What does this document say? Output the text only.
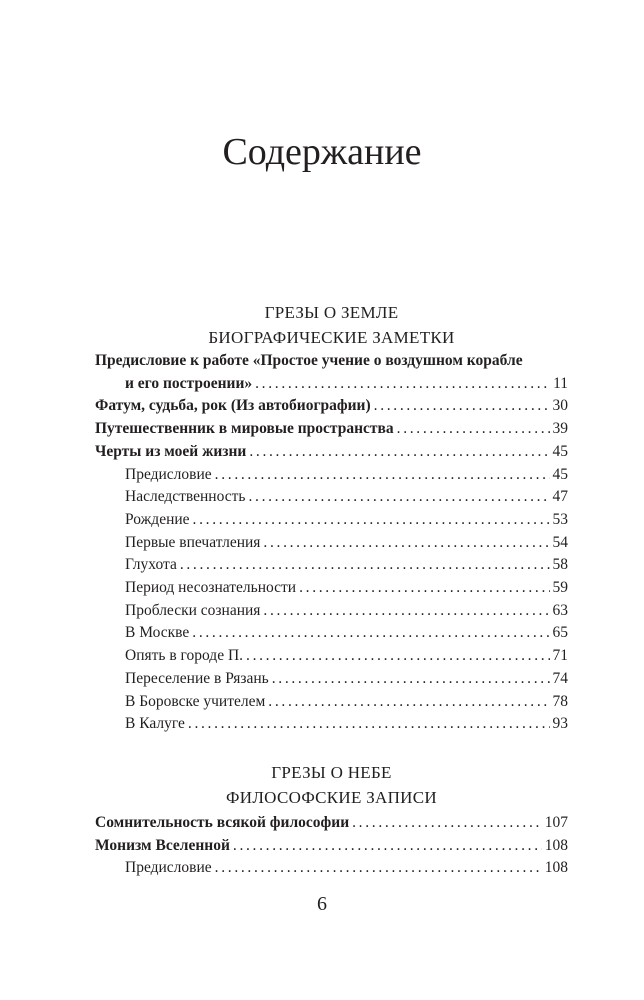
Содержание
ГРЕЗЫ О ЗЕМЛЕ
БИОГРАФИЧЕСКИЕ ЗАМЕТКИ
Предисловие к работе «Простое учение о воздушном корабле
и его построении» . . .	11
Фатум, судьба, рок (Из автобиографии) . . .	30
Путешественник в мировые пространства . . .	39
Черты из моей жизни . . .	45
Предисловие . . .	45
Наследственность . . .	47
Рождение . . .	53
Первые впечатления . . .	54
Глухота . . .	58
Период несознательности . . .	59
Проблески сознания . . .	63
В Москве . . .	65
Опять в городе П. . . .	71
Переселение в Рязань . . .	74
В Боровске учителем . . .	78
В Калуге . . .	93
ГРЕЗЫ О НЕБЕ
ФИЛОСОФСКИЕ ЗАПИСИ
Сомнительность всякой философии . . .	107
Монизм Вселенной . . .	108
Предисловие . . .	108
6
